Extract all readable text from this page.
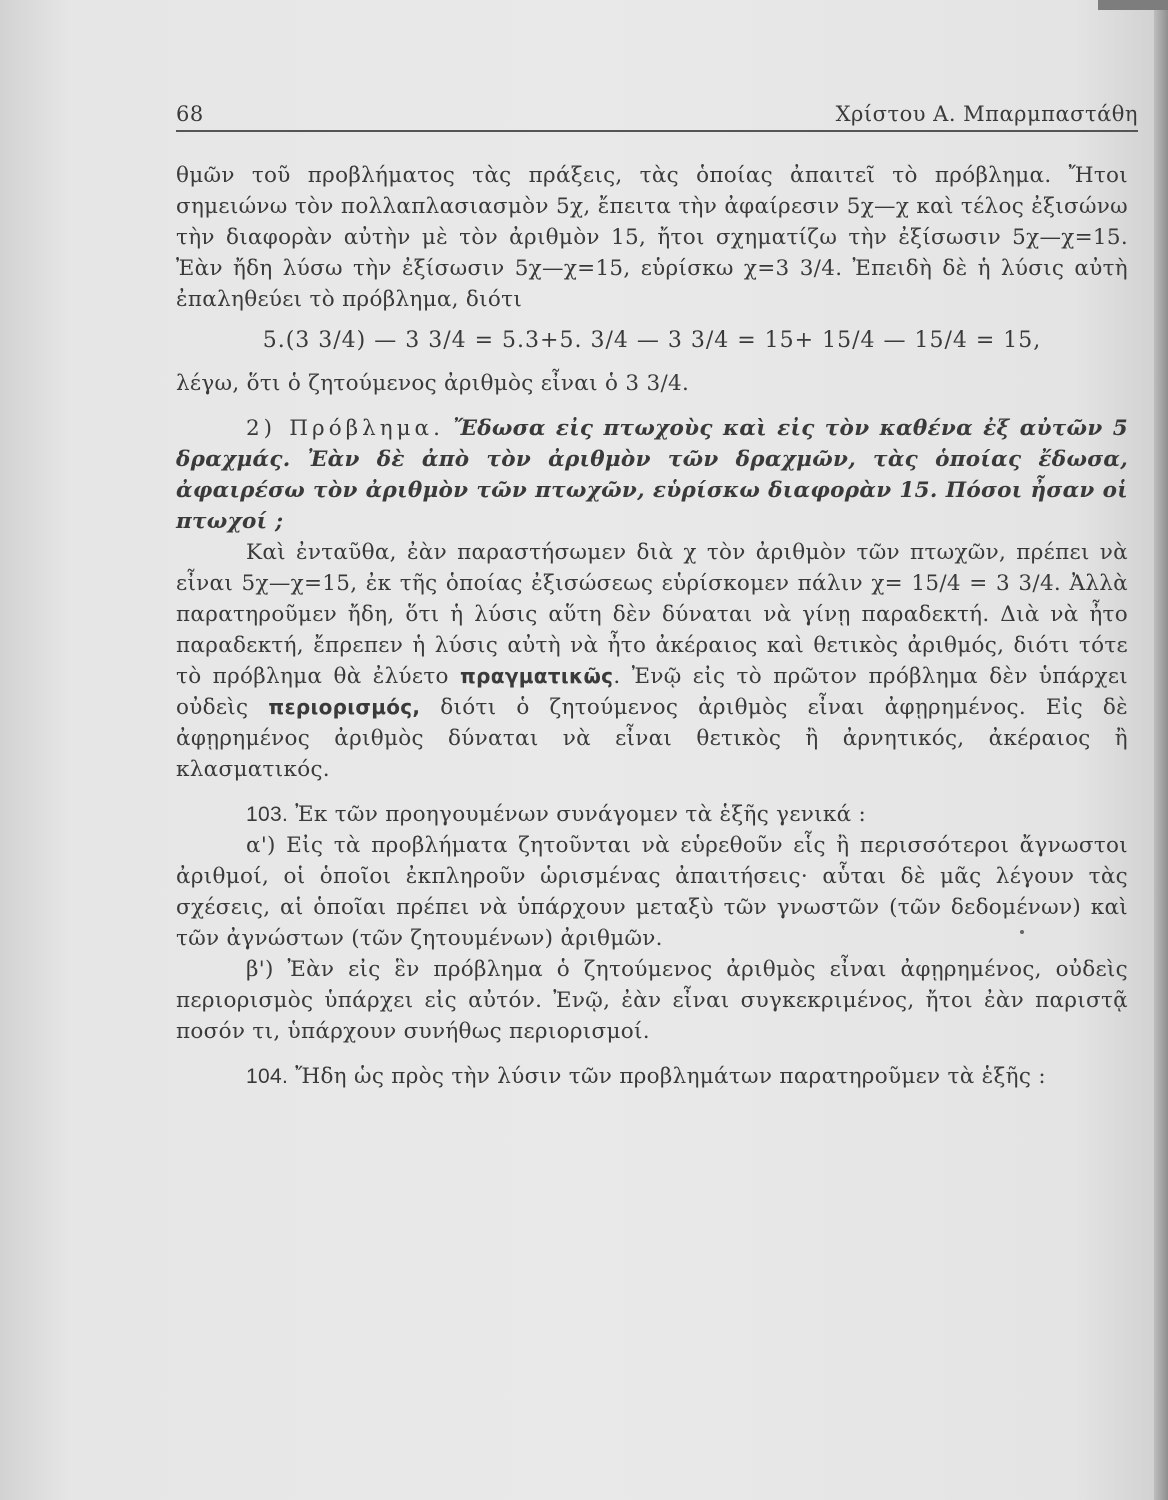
68	Χρίστου Α. Μπαρμπαστάθη

θμῶν τοῦ προβλήματος τὰς πράξεις, τὰς ὁποίας ἀπαιτεῖ τὸ πρόβλημα. Ἤτοι σημειώνω τὸν πολλαπλασιασμὸν 5χ, ἔπειτα τὴν ἀφαίρεσιν 5χ—χ καὶ τέλος ἐξισώνω τὴν διαφορὰν αὐτὴν μὲ τὸν ἀριθμὸν 15, ἤτοι σχηματίζω τὴν ἐξίσωσιν 5χ—χ=15. Ἐὰν ἤδη λύσω τὴν ἐξίσωσιν 5χ—χ=15, εὑρίσκω χ=3 3/4. Ἐπειδὴ δὲ ἡ λύσις αὐτὴ ἐπαληθεύει τὸ πρόβλημα, διότι

5.(3 3/4) — 3 3/4 = 5.3+5. 3/4 — 3 3/4 = 15+ 15/4 — 15/4 = 15,

λέγω, ὅτι ὁ ζητούμενος ἀριθμὸς εἶναι ὁ 3 3/4.

2) Πρόβλημα. Ἔδωσα εἰς πτωχοὺς καὶ εἰς τὸν καθένα ἐξ αὐτῶν 5 δραχμάς. Ἐὰν δὲ ἀπὸ τὸν ἀριθμὸν τῶν δραχμῶν, τὰς ὁποίας ἔδωσα, ἀφαιρέσω τὸν ἀριθμὸν τῶν πτωχῶν, εὑρίσκω διαφορὰν 15. Πόσοι ἦσαν οἱ πτωχοί ;

Καὶ ἐνταῦθα, ἐὰν παραστήσωμεν διὰ χ τὸν ἀριθμὸν τῶν πτωχῶν, πρέπει νὰ εἶναι 5χ—χ=15, ἐκ τῆς ὁποίας ἐξισώσεως εὑρίσκομεν πάλιν χ= 15/4 = 3 3/4. Ἀλλὰ παρατηροῦμεν ἤδη, ὅτι ἡ λύσις αὕτη δὲν δύναται νὰ γίνῃ παραδεκτή. Διὰ νὰ ἦτο παραδεκτή, ἔπρεπεν ἡ λύσις αὐτὴ νὰ ἦτο ἀκέραιος καὶ θετικὸς ἀριθμός, διότι τότε τὸ πρόβλημα θὰ ἐλύετο πραγματικῶς. Ἐνῷ εἰς τὸ πρῶτον πρόβλημα δὲν ὑπάρχει οὐδεὶς περιορισμός, διότι ὁ ζητούμενος ἀριθμὸς εἶναι ἀφῃρημένος. Εἰς δὲ ἀφῃρημένος ἀριθμὸς δύναται νὰ εἶναι θετικὸς ἢ ἀρνητικός, ἀκέραιος ἢ κλασματικός.

103. Ἐκ τῶν προηγουμένων συνάγομεν τὰ ἑξῆς γενικά :

α') Εἰς τὰ προβλήματα ζητοῦνται νὰ εὑρεθοῦν εἷς ἢ περισσότεροι ἄγνωστοι ἀριθμοί, οἱ ὁποῖοι ἐκπληροῦν ὡρισμένας ἀπαιτήσεις· αὗται δὲ μᾶς λέγουν τὰς σχέσεις, αἱ ὁποῖαι πρέπει νὰ ὑπάρχουν μεταξὺ τῶν γνωστῶν (τῶν δεδομένων) καὶ τῶν ἀγνώστων (τῶν ζητουμένων) ἀριθμῶν.

β') Ἐὰν εἰς ἓν πρόβλημα ὁ ζητούμενος ἀριθμὸς εἶναι ἀφῃρημένος, οὐδεὶς περιορισμὸς ὑπάρχει εἰς αὐτόν. Ἐνῷ, ἐὰν εἶναι συγκεκριμένος, ἤτοι ἐὰν παριστᾷ ποσόν τι, ὑπάρχουν συνήθως περιορισμοί.

104. Ἤδη ὡς πρὸς τὴν λύσιν τῶν προβλημάτων παρατηροῦμεν τὰ ἑξῆς :
